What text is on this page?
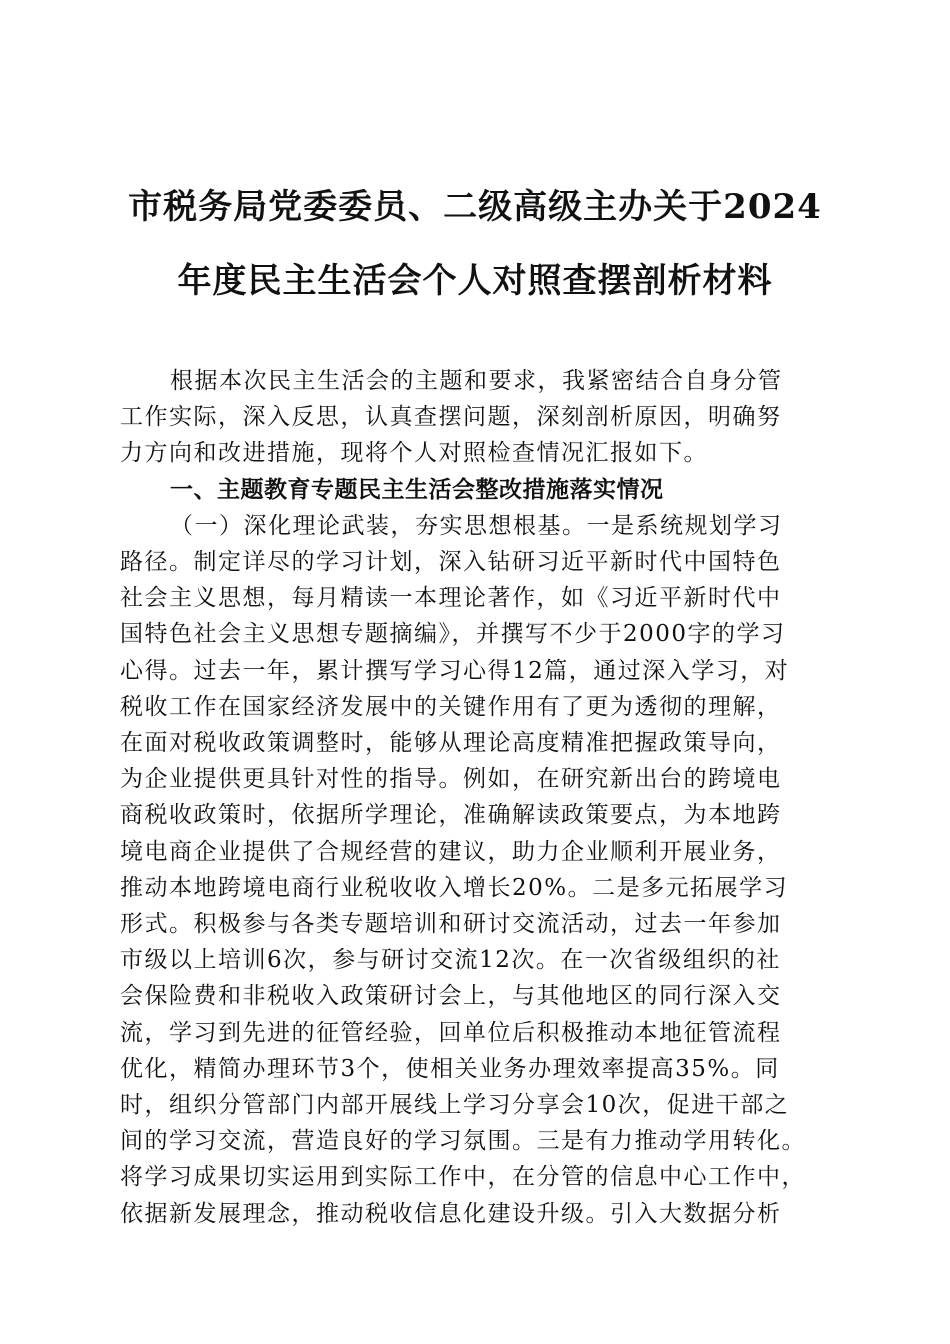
市税务局党委委员、二级高级主办关于2024
年度民主生活会个人对照查摆剖析材料

根据本次民主生活会的主题和要求，我紧密结合自身分管

工作实际，深入反思，认真查摆问题，深刻剖析原因，明确努

力方向和改进措施，现将个人对照检查情况汇报如下。

一、主题教育专题民主生活会整改措施落实情况

（一）深化理论武装，夯实思想根基。一是系统规划学习

路径。制定详尽的学习计划，深入钻研习近平新时代中国特色

社会主义思想，每月精读一本理论著作，如《习近平新时代中

国特色社会主义思想专题摘编》，并撰写不少于2000字的学习

心得。过去一年，累计撰写学习心得12篇，通过深入学习，对

税收工作在国家经济发展中的关键作用有了更为透彻的理解，

在面对税收政策调整时，能够从理论高度精准把握政策导向，

为企业提供更具针对性的指导。例如，在研究新出台的跨境电

商税收政策时，依据所学理论，准确解读政策要点，为本地跨

境电商企业提供了合规经营的建议，助力企业顺利开展业务，

推动本地跨境电商行业税收收入增长20%。二是多元拓展学习

形式。积极参与各类专题培训和研讨交流活动，过去一年参加

市级以上培训6次，参与研讨交流12次。在一次省级组织的社

会保险费和非税收入政策研讨会上，与其他地区的同行深入交

流，学习到先进的征管经验，回单位后积极推动本地征管流程

优化，精简办理环节3个，使相关业务办理效率提高35%。同

时，组织分管部门内部开展线上学习分享会10次，促进干部之

间的学习交流，营造良好的学习氛围。三是有力推动学用转化。

将学习成果切实运用到实际工作中，在分管的信息中心工作中，

依据新发展理念，推动税收信息化建设升级。引入大数据分析
